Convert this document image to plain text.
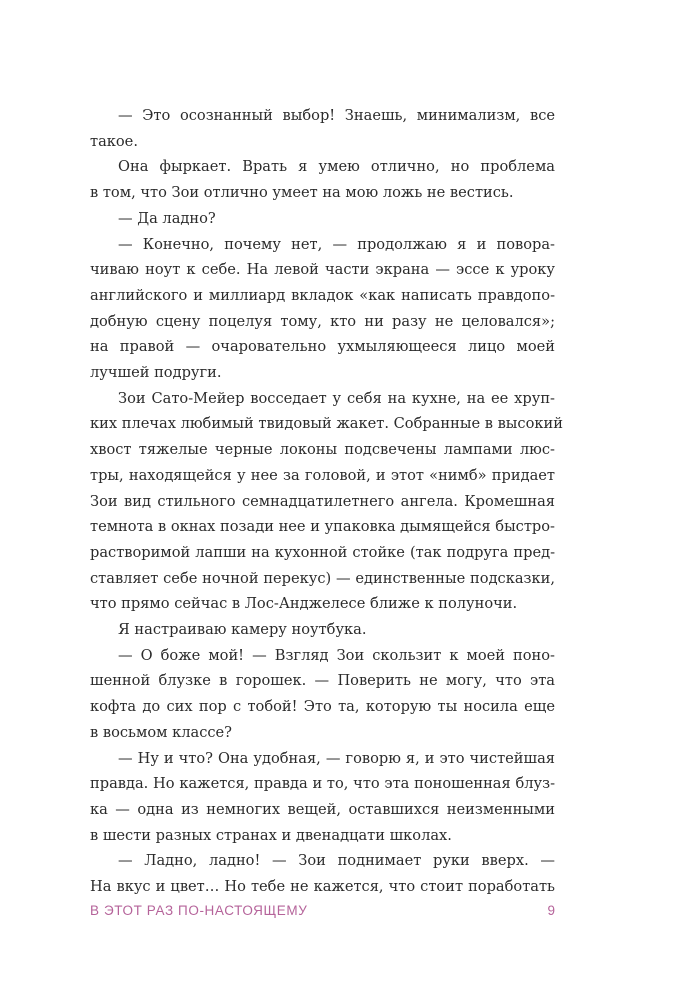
— Это осознанный выбор! Знаешь, минимализм, все
такое.

Она фыркает. Врать я умею отлично, но проблема
в том, что Зои отлично умеет на мою ложь не вестись.

— Да ладно?

— Конечно, почему нет, — продолжаю я и повора-
чиваю ноут к себе. На левой части экрана — эссе к уроку
английского и миллиард вкладок «как написать правдопо-
добную сцену поцелуя тому, кто ни разу не целовался»;
на правой — очаровательно ухмыляющееся лицо моей
лучшей подруги.

Зои Сато-Мейер восседает у себя на кухне, на ее хруп-
ких плечах любимый твидовый жакет. Собранные в высокий
хвост тяжелые черные локоны подсвечены лампами люс-
тры, находящейся у нее за головой, и этот «нимб» придает
Зои вид стильного семнадцатилетнего ангела. Кромешная
темнота в окнах позади нее и упаковка дымящейся быстро-
растворимой лапши на кухонной стойке (так подруга пред-
ставляет себе ночной перекус) — единственные подсказки,
что прямо сейчас в Лос-Анджелесе ближе к полуночи.

Я настраиваю камеру ноутбука.

— О боже мой! — Взгляд Зои скользит к моей поно-
шенной блузке в горошек. — Поверить не могу, что эта
кофта до сих пор с тобой! Это та, которую ты носила еще
в восьмом классе?

— Ну и что? Она удобная, — говорю я, и это чистейшая
правда. Но кажется, правда и то, что эта поношенная блуз-
ка — одна из немногих вещей, оставшихся неизменными
в шести разных странах и двенадцати школах.

— Ладно, ладно! — Зои поднимает руки вверх. —
На вкус и цвет… Но тебе не кажется, что стоит поработать

В ЭТОТ РАЗ ПО-НАСТОЯЩЕМУ	9
